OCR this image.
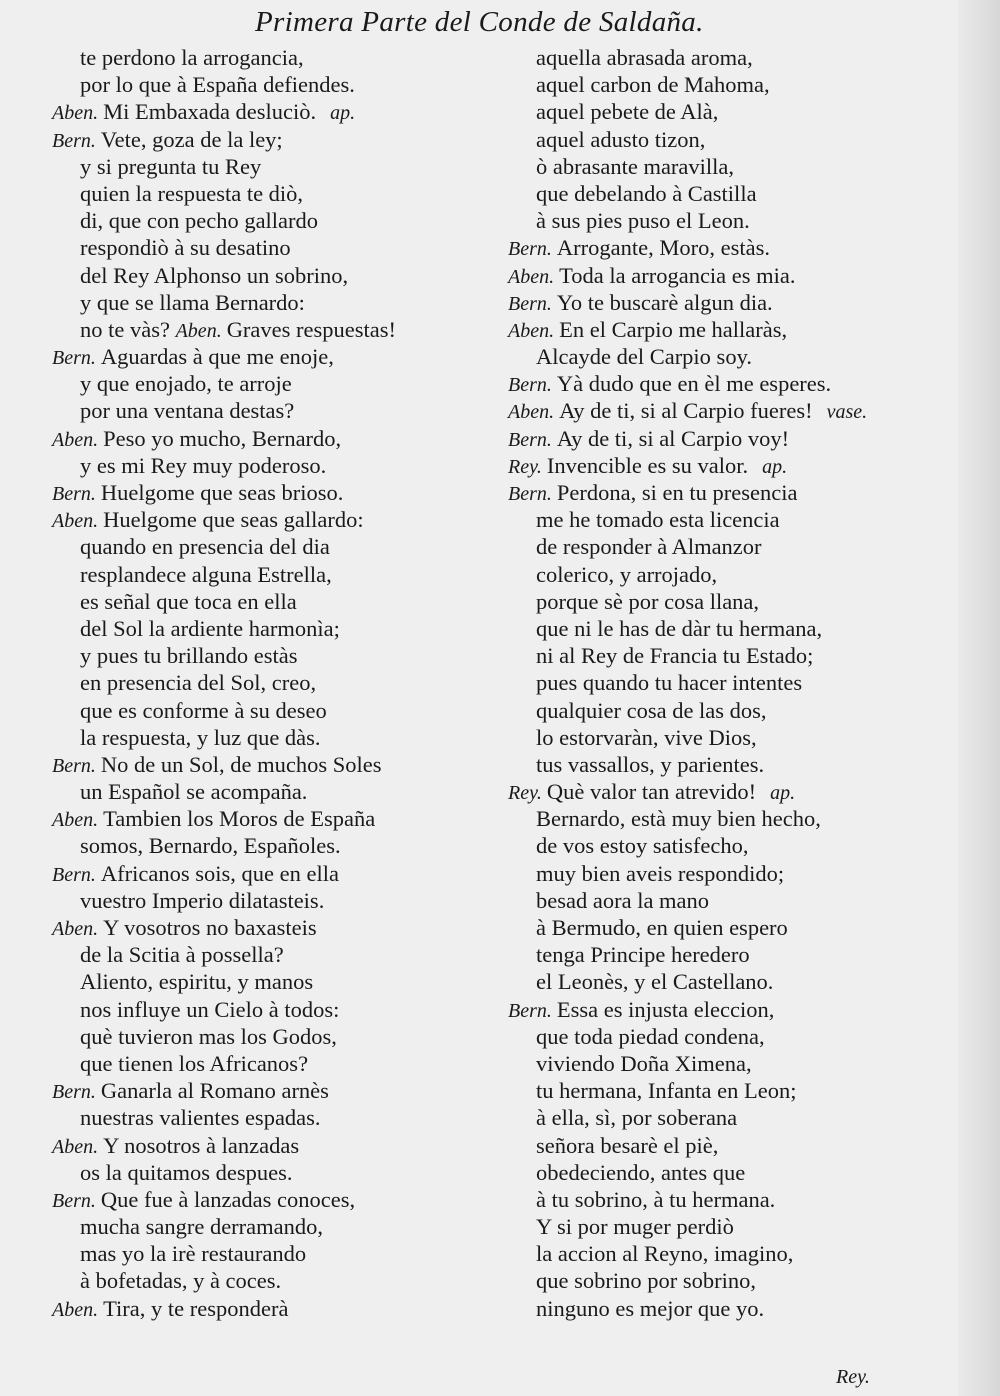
Primera Parte del Conde de Saldaña.
te perdono la arrogancia,
por lo que à España defiendes.
Aben. Mi Embaxada desluciò. ap.
Bern. Vete, goza de la ley;
y si pregunta tu Rey
quien la respuesta te diò,
di, que con pecho gallardo
respondiò à su desatino
del Rey Alphonso un sobrino,
y que se llama Bernardo:
no te vàs? Aben. Graves respuestas!
Bern. Aguardas à que me enoje,
y que enojado, te arroje
por una ventana destas?
Aben. Peso yo mucho, Bernardo,
y es mi Rey muy poderoso.
Bern. Huelgome que seas brioso.
Aben. Huelgome que seas gallardo:
quando en presencia del dia
resplandece alguna Estrella,
es señal que toca en ella
del Sol la ardiente harmonìa;
y pues tu brillando estàs
en presencia del Sol, creo,
que es conforme à su deseo
la respuesta, y luz que dàs.
Bern. No de un Sol, de muchos Soles
un Español se acompaña.
Aben. Tambien los Moros de España
somos, Bernardo, Españoles.
Bern. Africanos sois, que en ella
vuestro Imperio dilatasteis.
Aben. Y vosotros no baxasteis
de la Scitia à possella?
Aliento, espiritu, y manos
nos influye un Cielo à todos:
què tuvieron mas los Godos,
que tienen los Africanos?
Bern. Ganarla al Romano arnès
nuestras valientes espadas.
Aben. Y nosotros à lanzadas
os la quitamos despues.
Bern. Que fue à lanzadas conoces,
mucha sangre derramando,
mas yo la irè restaurando
à bofetadas, y à coces.
Aben. Tira, y te responderà
aquella abrasada aroma,
aquel carbon de Mahoma,
aquel pebete de Alà,
aquel adusto tizon,
ò abrasante maravilla,
que debelando à Castilla
à sus pies puso el Leon.
Bern. Arrogante, Moro, estàs.
Aben. Toda la arrogancia es mia.
Bern. Yo te buscarè algun dia.
Aben. En el Carpio me hallaràs,
Alcayde del Carpio soy.
Bern. Yà dudo que en èl me esperes.
Aben. Ay de ti, si al Carpio fueres! vase.
Bern. Ay de ti, si al Carpio voy!
Rey. Invencible es su valor. ap.
Bern. Perdona, si en tu presencia
me he tomado esta licencia
de responder à Almanzor
colerico, y arrojado,
porque sè por cosa llana,
que ni le has de dàr tu hermana,
ni al Rey de Francia tu Estado;
pues quando tu hacer intentes
qualquier cosa de las dos,
lo estorvaràn, vive Dios,
tus vassallos, y parientes.
Rey. Què valor tan atrevido! ap.
Bernardo, està muy bien hecho,
de vos estoy satisfecho,
muy bien aveis respondido;
besad aora la mano
à Bermudo, en quien espero
tenga Principe heredero
el Leonès, y el Castellano.
Bern. Essa es injusta eleccion,
que toda piedad condena,
viviendo Doña Ximena,
tu hermana, Infanta en Leon;
à ella, sì, por soberana
señora besarè el piè,
obedeciendo, antes que
à tu sobrino, à tu hermana.
Y si por muger perdiò
la accion al Reyno, imagino,
que sobrino por sobrino,
ninguno es mejor que yo.
Rey.
